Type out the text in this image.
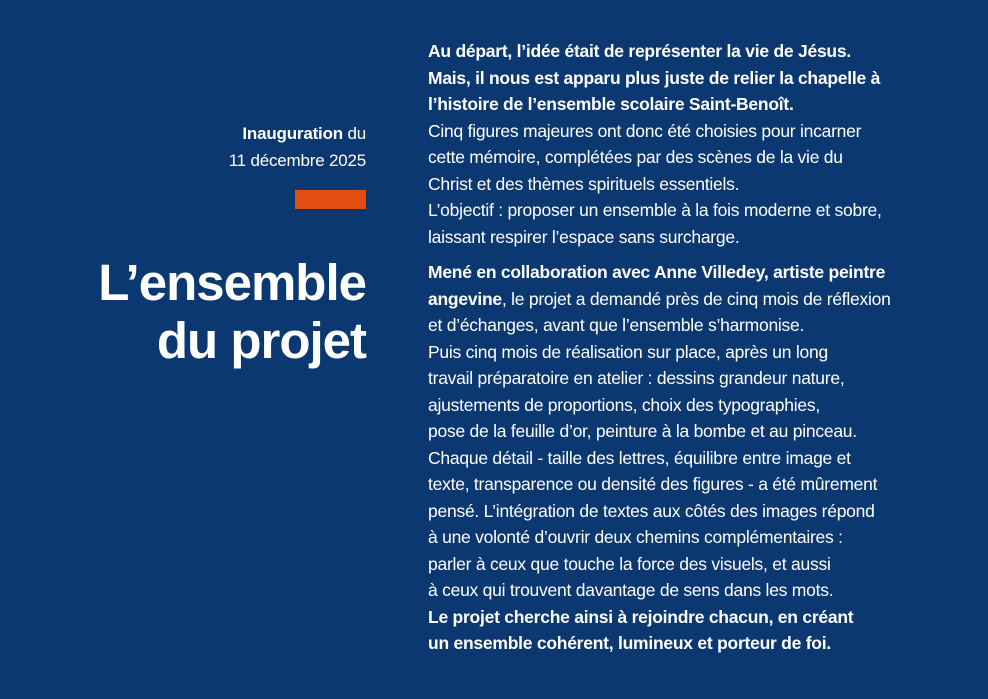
Inauguration du
11 décembre 2025
L’ensemble
du projet
Au départ, l’idée était de représenter la vie de Jésus.
Mais, il nous est apparu plus juste de relier la chapelle à
l’histoire de l’ensemble scolaire Saint-Benoît.
Cinq figures majeures ont donc été choisies pour incarner
cette mémoire, complétées par des scènes de la vie du
Christ et des thèmes spirituels essentiels.
L’objectif : proposer un ensemble à la fois moderne et sobre,
laissant respirer l’espace sans surcharge.
Mené en collaboration avec Anne Villedey, artiste peintre
angevine, le projet a demandé près de cinq mois de réflexion
et d’échanges, avant que l’ensemble s’harmonise.
Puis cinq mois de réalisation sur place, après un long
travail préparatoire en atelier : dessins grandeur nature,
ajustements de proportions, choix des typographies,
pose de la feuille d’or, peinture à la bombe et au pinceau.
Chaque détail - taille des lettres, équilibre entre image et
texte, transparence ou densité des figures - a été mûrement
pensé. L’intégration de textes aux côtés des images répond
à une volonté d’ouvrir deux chemins complémentaires :
parler à ceux que touche la force des visuels, et aussi
à ceux qui trouvent davantage de sens dans les mots.
Le projet cherche ainsi à rejoindre chacun, en créant
un ensemble cohérent, lumineux et porteur de foi.
